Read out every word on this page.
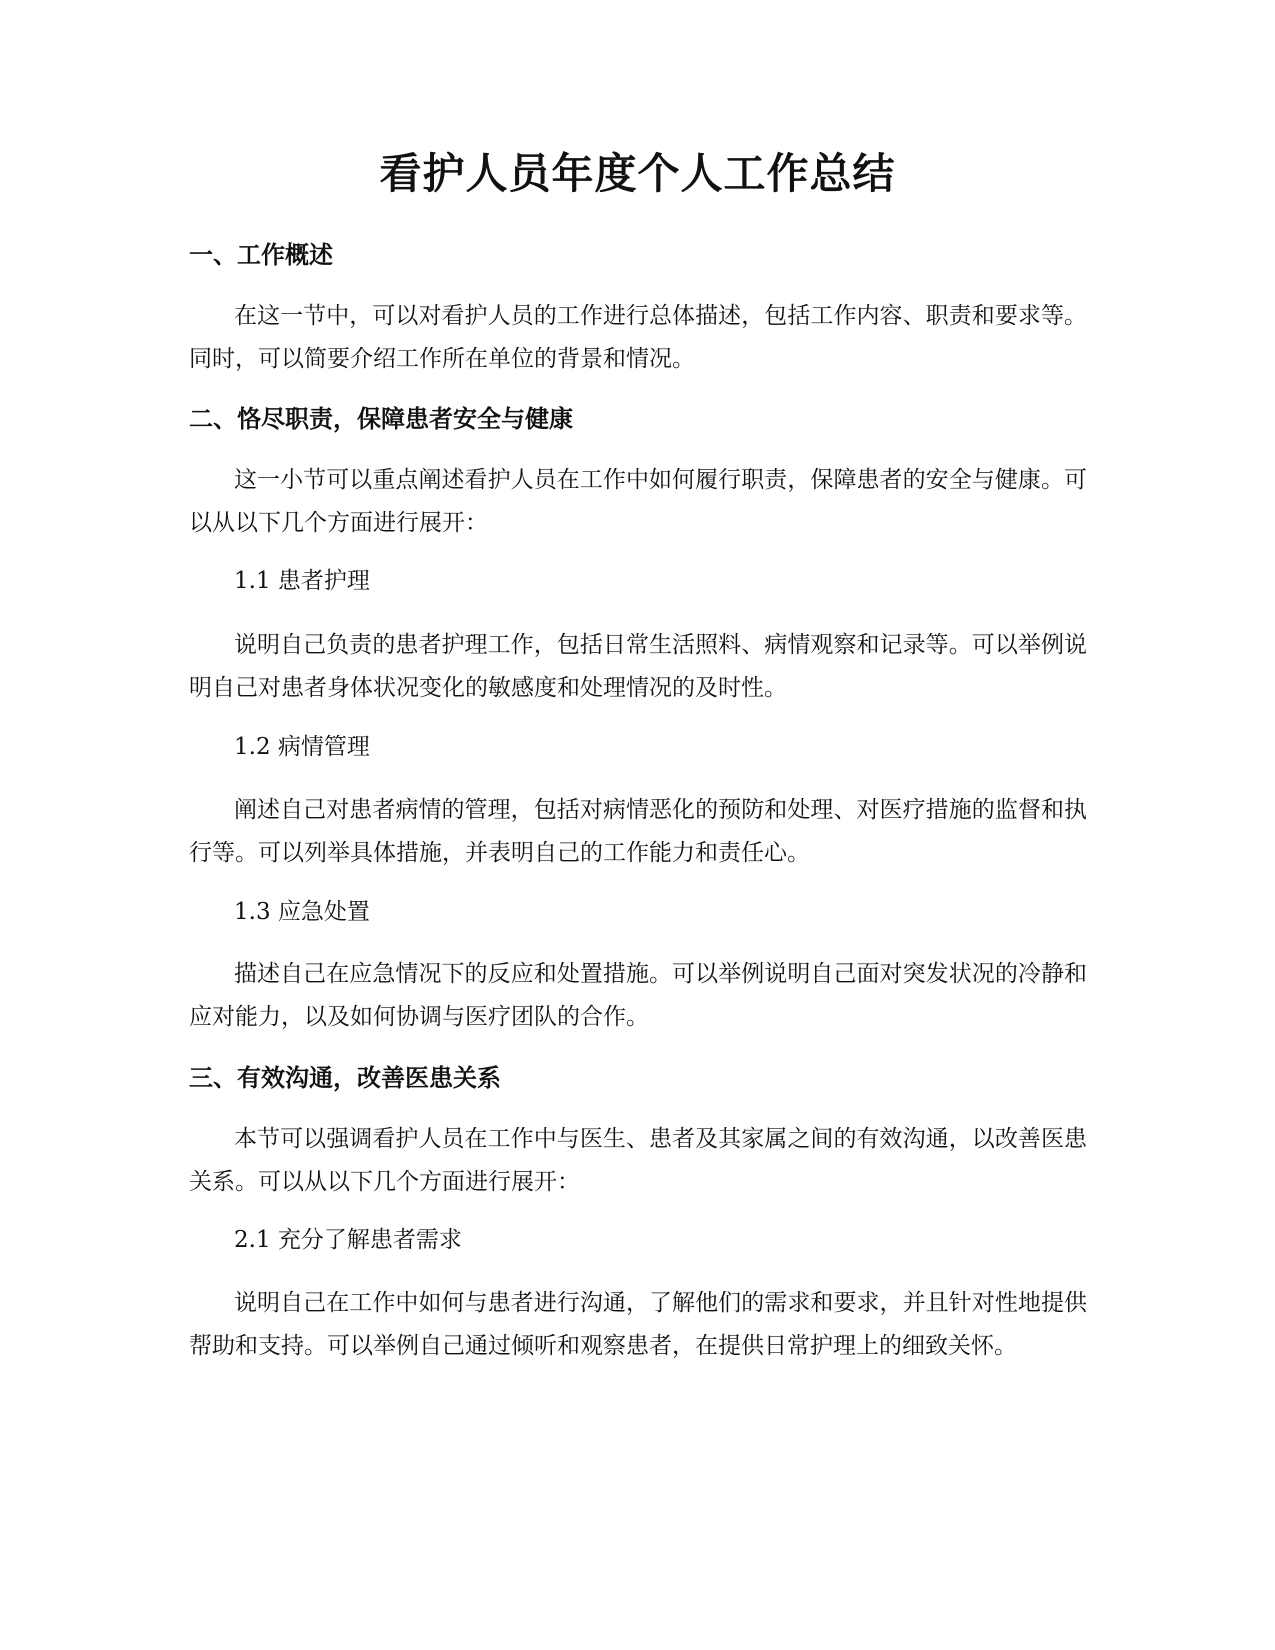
看护人员年度个人工作总结
一、工作概述

在这一节中，可以对看护人员的工作进行总体描述，包括工作内容、职责和要求等。同时，可以简要介绍工作所在单位的背景和情况。

二、恪尽职责，保障患者安全与健康

这一小节可以重点阐述看护人员在工作中如何履行职责，保障患者的安全与健康。可以从以下几个方面进行展开：

1.1 患者护理

说明自己负责的患者护理工作，包括日常生活照料、病情观察和记录等。可以举例说明自己对患者身体状况变化的敏感度和处理情况的及时性。

1.2 病情管理

阐述自己对患者病情的管理，包括对病情恶化的预防和处理、对医疗措施的监督和执行等。可以列举具体措施，并表明自己的工作能力和责任心。

1.3 应急处置

描述自己在应急情况下的反应和处置措施。可以举例说明自己面对突发状况的冷静和应对能力，以及如何协调与医疗团队的合作。

三、有效沟通，改善医患关系

本节可以强调看护人员在工作中与医生、患者及其家属之间的有效沟通，以改善医患关系。可以从以下几个方面进行展开：

2.1 充分了解患者需求

说明自己在工作中如何与患者进行沟通，了解他们的需求和要求，并且针对性地提供帮助和支持。可以举例自己通过倾听和观察患者，在提供日常护理上的细致关怀。
